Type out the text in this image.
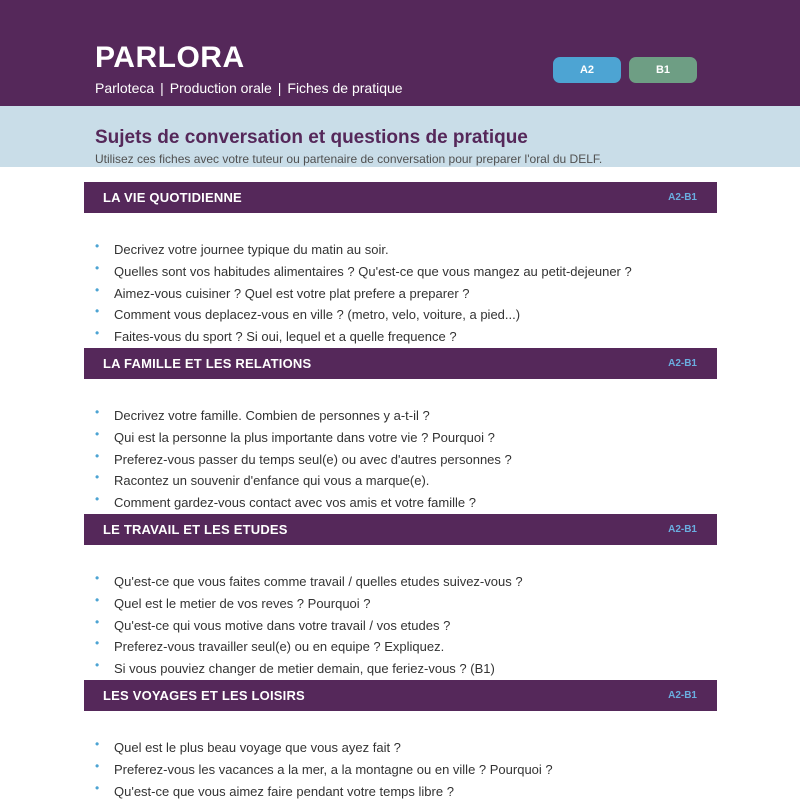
PARLORA
Parloteca | Production orale | Fiches de pratique
A2	B1
Sujets de conversation et questions de pratique
Utilisez ces fiches avec votre tuteur ou partenaire de conversation pour preparer l'oral du DELF.
LA VIE QUOTIDIENNE	A2-B1
• Decrivez votre journee typique du matin au soir.
• Quelles sont vos habitudes alimentaires ? Qu'est-ce que vous mangez au petit-dejeuner ?
• Aimez-vous cuisiner ? Quel est votre plat prefere a preparer ?
• Comment vous deplacez-vous en ville ? (metro, velo, voiture, a pied...)
• Faites-vous du sport ? Si oui, lequel et a quelle frequence ?
LA FAMILLE ET LES RELATIONS	A2-B1
• Decrivez votre famille. Combien de personnes y a-t-il ?
• Qui est la personne la plus importante dans votre vie ? Pourquoi ?
• Preferez-vous passer du temps seul(e) ou avec d'autres personnes ?
• Racontez un souvenir d'enfance qui vous a marque(e).
• Comment gardez-vous contact avec vos amis et votre famille ?
LE TRAVAIL ET LES ETUDES	A2-B1
• Qu'est-ce que vous faites comme travail / quelles etudes suivez-vous ?
• Quel est le metier de vos reves ? Pourquoi ?
• Qu'est-ce qui vous motive dans votre travail / vos etudes ?
• Preferez-vous travailler seul(e) ou en equipe ? Expliquez.
• Si vous pouviez changer de metier demain, que feriez-vous ? (B1)
LES VOYAGES ET LES LOISIRS	A2-B1
• Quel est le plus beau voyage que vous ayez fait ?
• Preferez-vous les vacances a la mer, a la montagne ou en ville ? Pourquoi ?
• Qu'est-ce que vous aimez faire pendant votre temps libre ?
